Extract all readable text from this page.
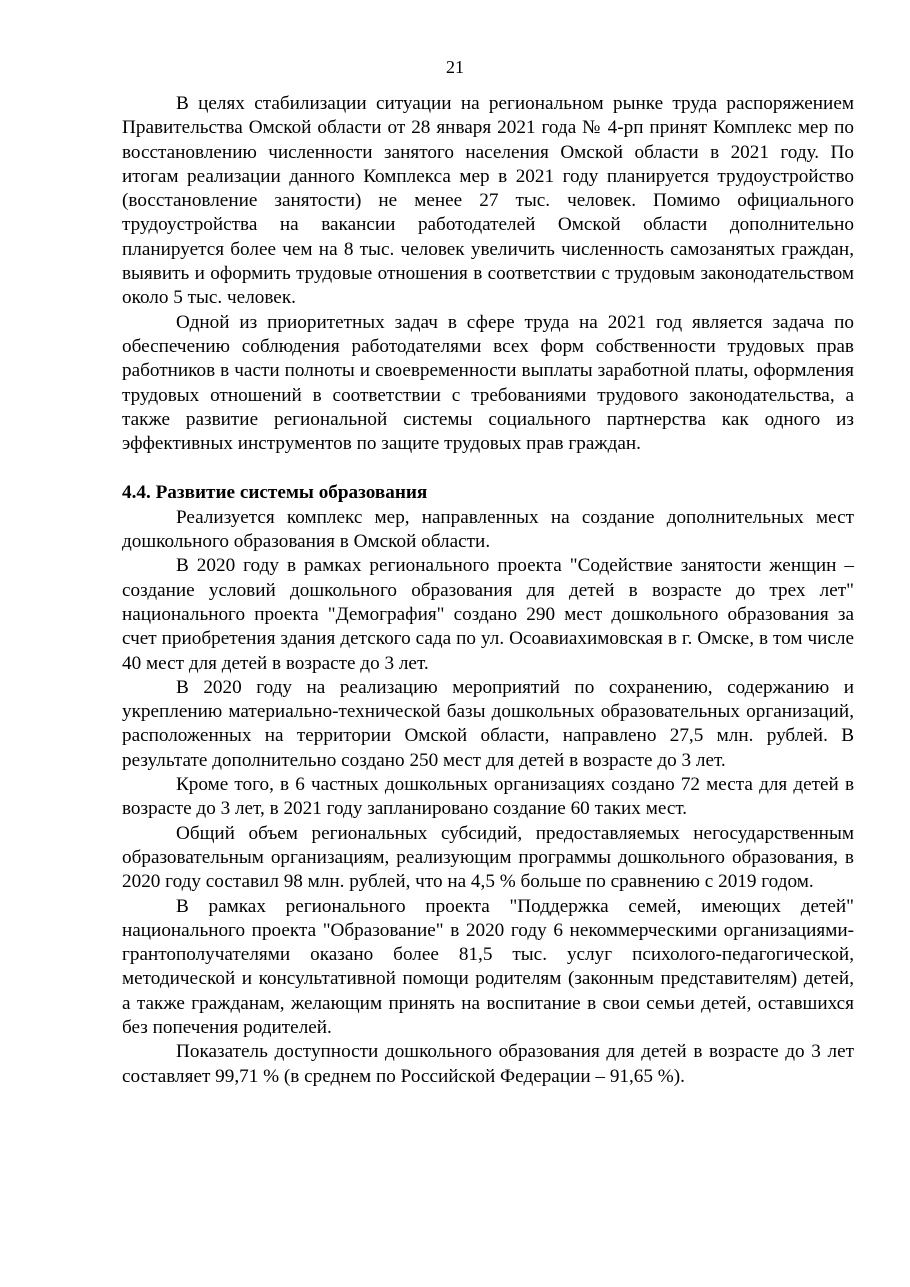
21

В целях стабилизации ситуации на региональном рынке труда распоряжением Правительства Омской области от 28 января 2021 года № 4-рп принят Комплекс мер по восстановлению численности занятого населения Омской области в 2021 году. По итогам реализации данного Комплекса мер в 2021 году планируется трудоустройство (восстановление занятости) не менее 27 тыс. человек. Помимо официального трудоустройства на вакансии работодателей Омской области дополнительно планируется более чем на 8 тыс. человек увеличить численность самозанятых граждан, выявить и оформить трудовые отношения в соответствии с трудовым законодательством около 5 тыс. человек.

Одной из приоритетных задач в сфере труда на 2021 год является задача по обеспечению соблюдения работодателями всех форм собственности трудовых прав работников в части полноты и своевременности выплаты заработной платы, оформления трудовых отношений в соответствии с требованиями трудового законодательства, а также развитие региональной системы социального партнерства как одного из эффективных инструментов по защите трудовых прав граждан.

4.4. Развитие системы образования

Реализуется комплекс мер, направленных на создание дополнительных мест дошкольного образования в Омской области.

В 2020 году в рамках регионального проекта "Содействие занятости женщин – создание условий дошкольного образования для детей в возрасте до трех лет" национального проекта "Демография" создано 290 мест дошкольного образования за счет приобретения здания детского сада по ул. Осоавиахимовская в г. Омске, в том числе 40 мест для детей в возрасте до 3 лет.

В 2020 году на реализацию мероприятий по сохранению, содержанию и укреплению материально-технической базы дошкольных образовательных организаций, расположенных на территории Омской области, направлено 27,5 млн. рублей. В результате дополнительно создано 250 мест для детей в возрасте до 3 лет.

Кроме того, в 6 частных дошкольных организациях создано 72 места для детей в возрасте до 3 лет, в 2021 году запланировано создание 60 таких мест.

Общий объем региональных субсидий, предоставляемых негосударственным образовательным организациям, реализующим программы дошкольного образования, в 2020 году составил 98 млн. рублей, что на 4,5 % больше по сравнению с 2019 годом.

В рамках регионального проекта "Поддержка семей, имеющих детей" национального проекта "Образование" в 2020 году 6 некоммерческими организациями-грантополучателями оказано более 81,5 тыс. услуг психолого-педагогической, методической и консультативной помощи родителям (законным представителям) детей, а также гражданам, желающим принять на воспитание в свои семьи детей, оставшихся без попечения родителей.

Показатель доступности дошкольного образования для детей в возрасте до 3 лет составляет 99,71 % (в среднем по Российской Федерации – 91,65 %).
